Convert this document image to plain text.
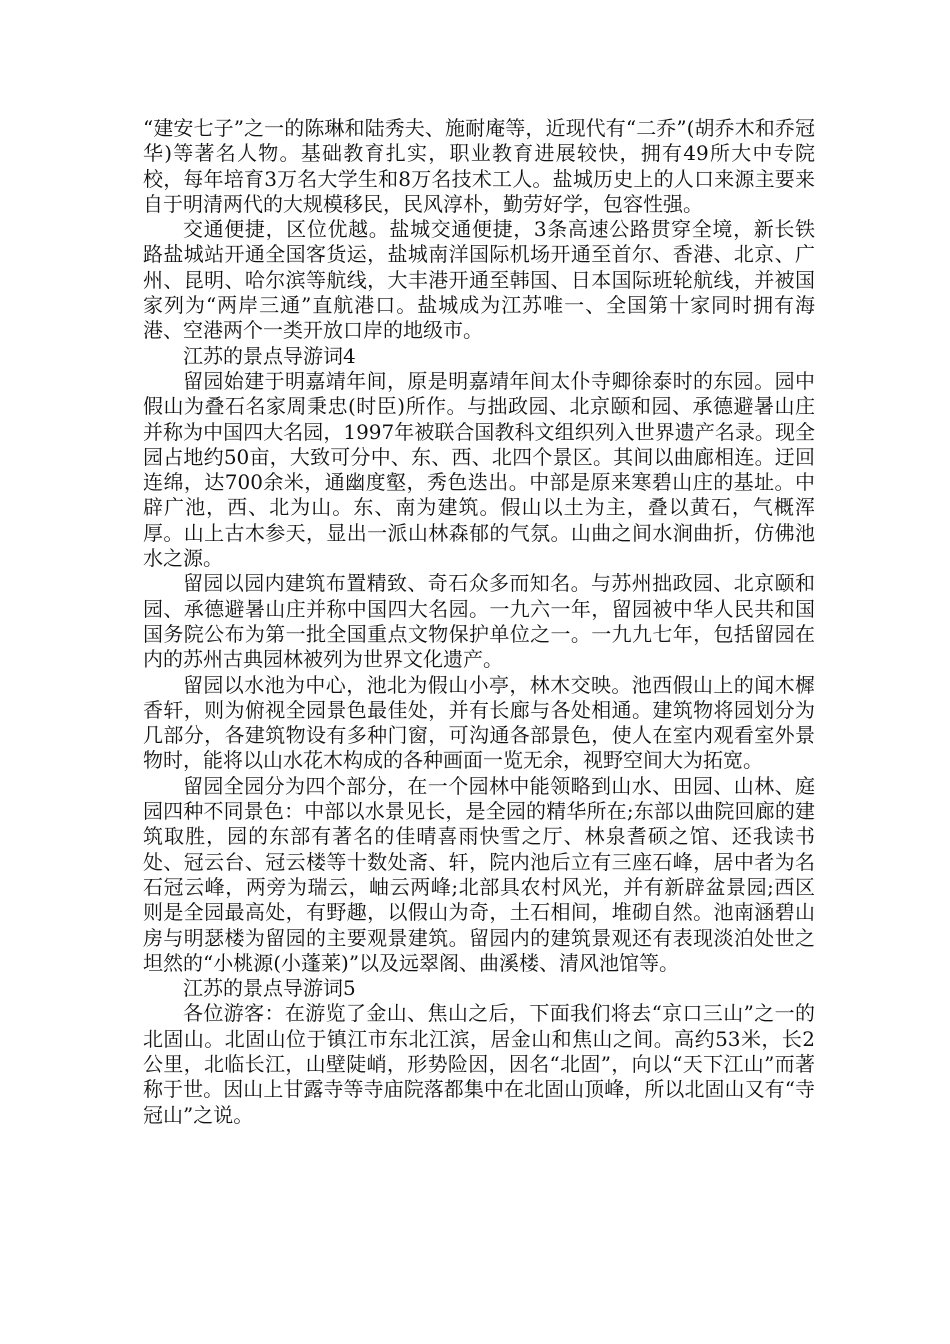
“建安七子”之一的陈琳和陆秀夫、施耐庵等，近现代有“二乔”(胡乔木和乔冠华)等著名人物。基础教育扎实，职业教育进展较快，拥有49所大中专院校，每年培育3万名大学生和8万名技术工人。盐城历史上的人口来源主要来自于明清两代的大规模移民，民风淳朴，勤劳好学，包容性强。

交通便捷，区位优越。盐城交通便捷，3条高速公路贯穿全境，新长铁路盐城站开通全国客货运，盐城南洋国际机场开通至首尔、香港、北京、广州、昆明、哈尔滨等航线，大丰港开通至韩国、日本国际班轮航线，并被国家列为“两岸三通”直航港口。盐城成为江苏唯一、全国第十家同时拥有海港、空港两个一类开放口岸的地级市。

江苏的景点导游词4

留园始建于明嘉靖年间，原是明嘉靖年间太仆寺卿徐泰时的东园。园中假山为叠石名家周秉忠(时臣)所作。与拙政园、北京颐和园、承德避暑山庄并称为中国四大名园，1997年被联合国教科文组织列入世界遗产名录。现全园占地约50亩，大致可分中、东、西、北四个景区。其间以曲廊相连。迂回连绵，达700余米，通幽度壑，秀色迭出。中部是原来寒碧山庄的基址。中辟广池，西、北为山。东、南为建筑。假山以土为主，叠以黄石，气概浑厚。山上古木参天，显出一派山林森郁的气氛。山曲之间水涧曲折，仿佛池水之源。

留园以园内建筑布置精致、奇石众多而知名。与苏州拙政园、北京颐和园、承德避暑山庄并称中国四大名园。一九六一年，留园被中华人民共和国国务院公布为第一批全国重点文物保护单位之一。一九九七年，包括留园在内的苏州古典园林被列为世界文化遗产。

留园以水池为中心，池北为假山小亭，林木交映。池西假山上的闻木樨香轩，则为俯视全园景色最佳处，并有长廊与各处相通。建筑物将园划分为几部分，各建筑物设有多种门窗，可沟通各部景色，使人在室内观看室外景物时，能将以山水花木构成的各种画面一览无余，视野空间大为拓宽。

留园全园分为四个部分，在一个园林中能领略到山水、田园、山林、庭园四种不同景色：中部以水景见长，是全园的精华所在;东部以曲院回廊的建筑取胜，园的东部有著名的佳晴喜雨快雪之厅、林泉耆硕之馆、还我读书处、冠云台、冠云楼等十数处斋、轩，院内池后立有三座石峰，居中者为名石冠云峰，两旁为瑞云，岫云两峰;北部具农村风光，并有新辟盆景园;西区则是全园最高处，有野趣，以假山为奇，土石相间，堆砌自然。池南涵碧山房与明瑟楼为留园的主要观景建筑。留园内的建筑景观还有表现淡泊处世之坦然的“小桃源(小蓬莱)”以及远翠阁、曲溪楼、清风池馆等。

江苏的景点导游词5

各位游客：在游览了金山、焦山之后，下面我们将去“京口三山”之一的北固山。北固山位于镇江市东北江滨，居金山和焦山之间。高约53米，长2公里，北临长江，山壁陡峭，形势险因，因名“北固”，向以“天下江山”而著称于世。因山上甘露寺等寺庙院落都集中在北固山顶峰，所以北固山又有“寺冠山”之说。
